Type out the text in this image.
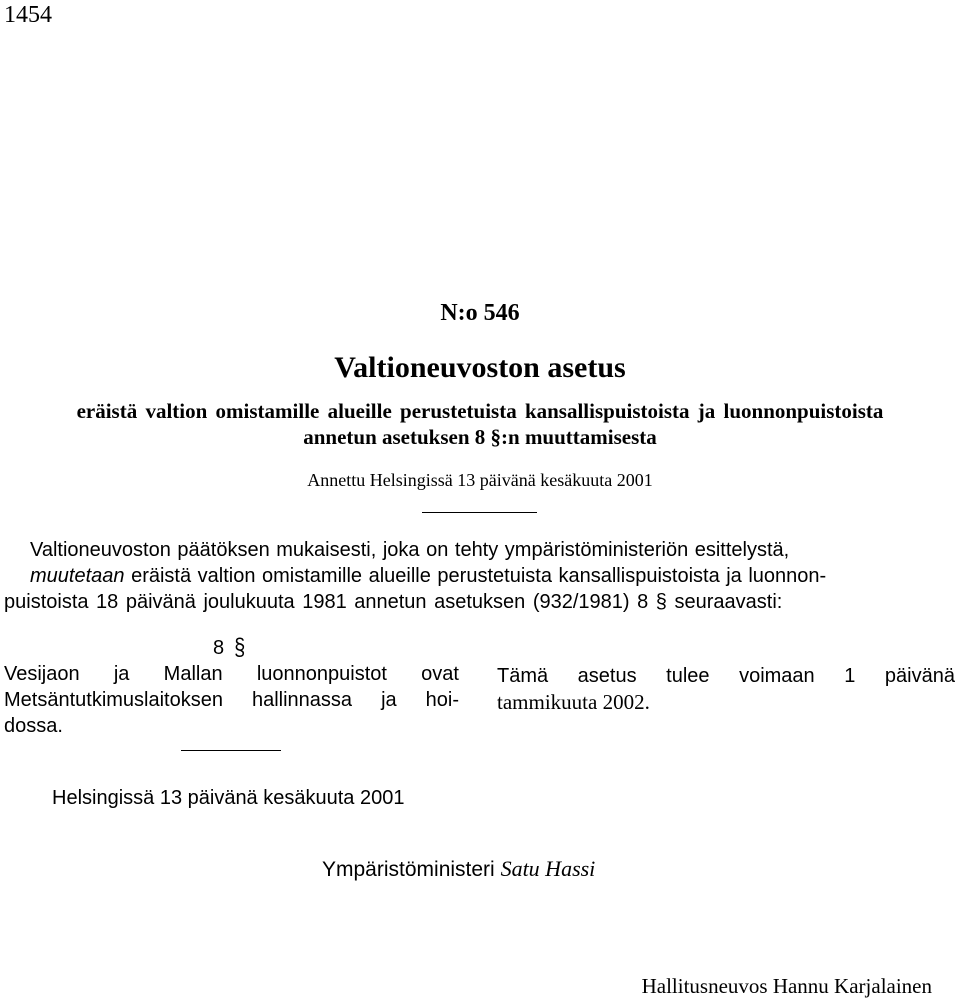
1454
N:o 546
Valtioneuvoston asetus
eräistä valtion omistamille alueille perustetuista kansallispuistoista ja luonnonpuistoista
annetun asetuksen 8 §:n muuttamisesta
Annettu Helsingissä 13 päivänä kesäkuuta 2001
Valtioneuvoston päätöksen mukaisesti, joka on tehty ympäristöministeriön esittelystä,
muutetaan eräistä valtion omistamille alueille perustetuista kansallispuistoista ja luonnon-
puistoista 18 päivänä joulukuuta 1981 annetun asetuksen (932/1981) 8 § seuraavasti:
8 §
Vesijaon ja Mallan luonnonpuistot ovat
Metsäntutkimuslaitoksen hallinnassa ja hoi-
dossa.
Tämä asetus tulee voimaan 1 päivänä
tammikuuta 2002.
Helsingissä 13 päivänä kesäkuuta 2001
Ympäristöministeri Satu Hassi
Hallitusneuvos Hannu Karjalainen
